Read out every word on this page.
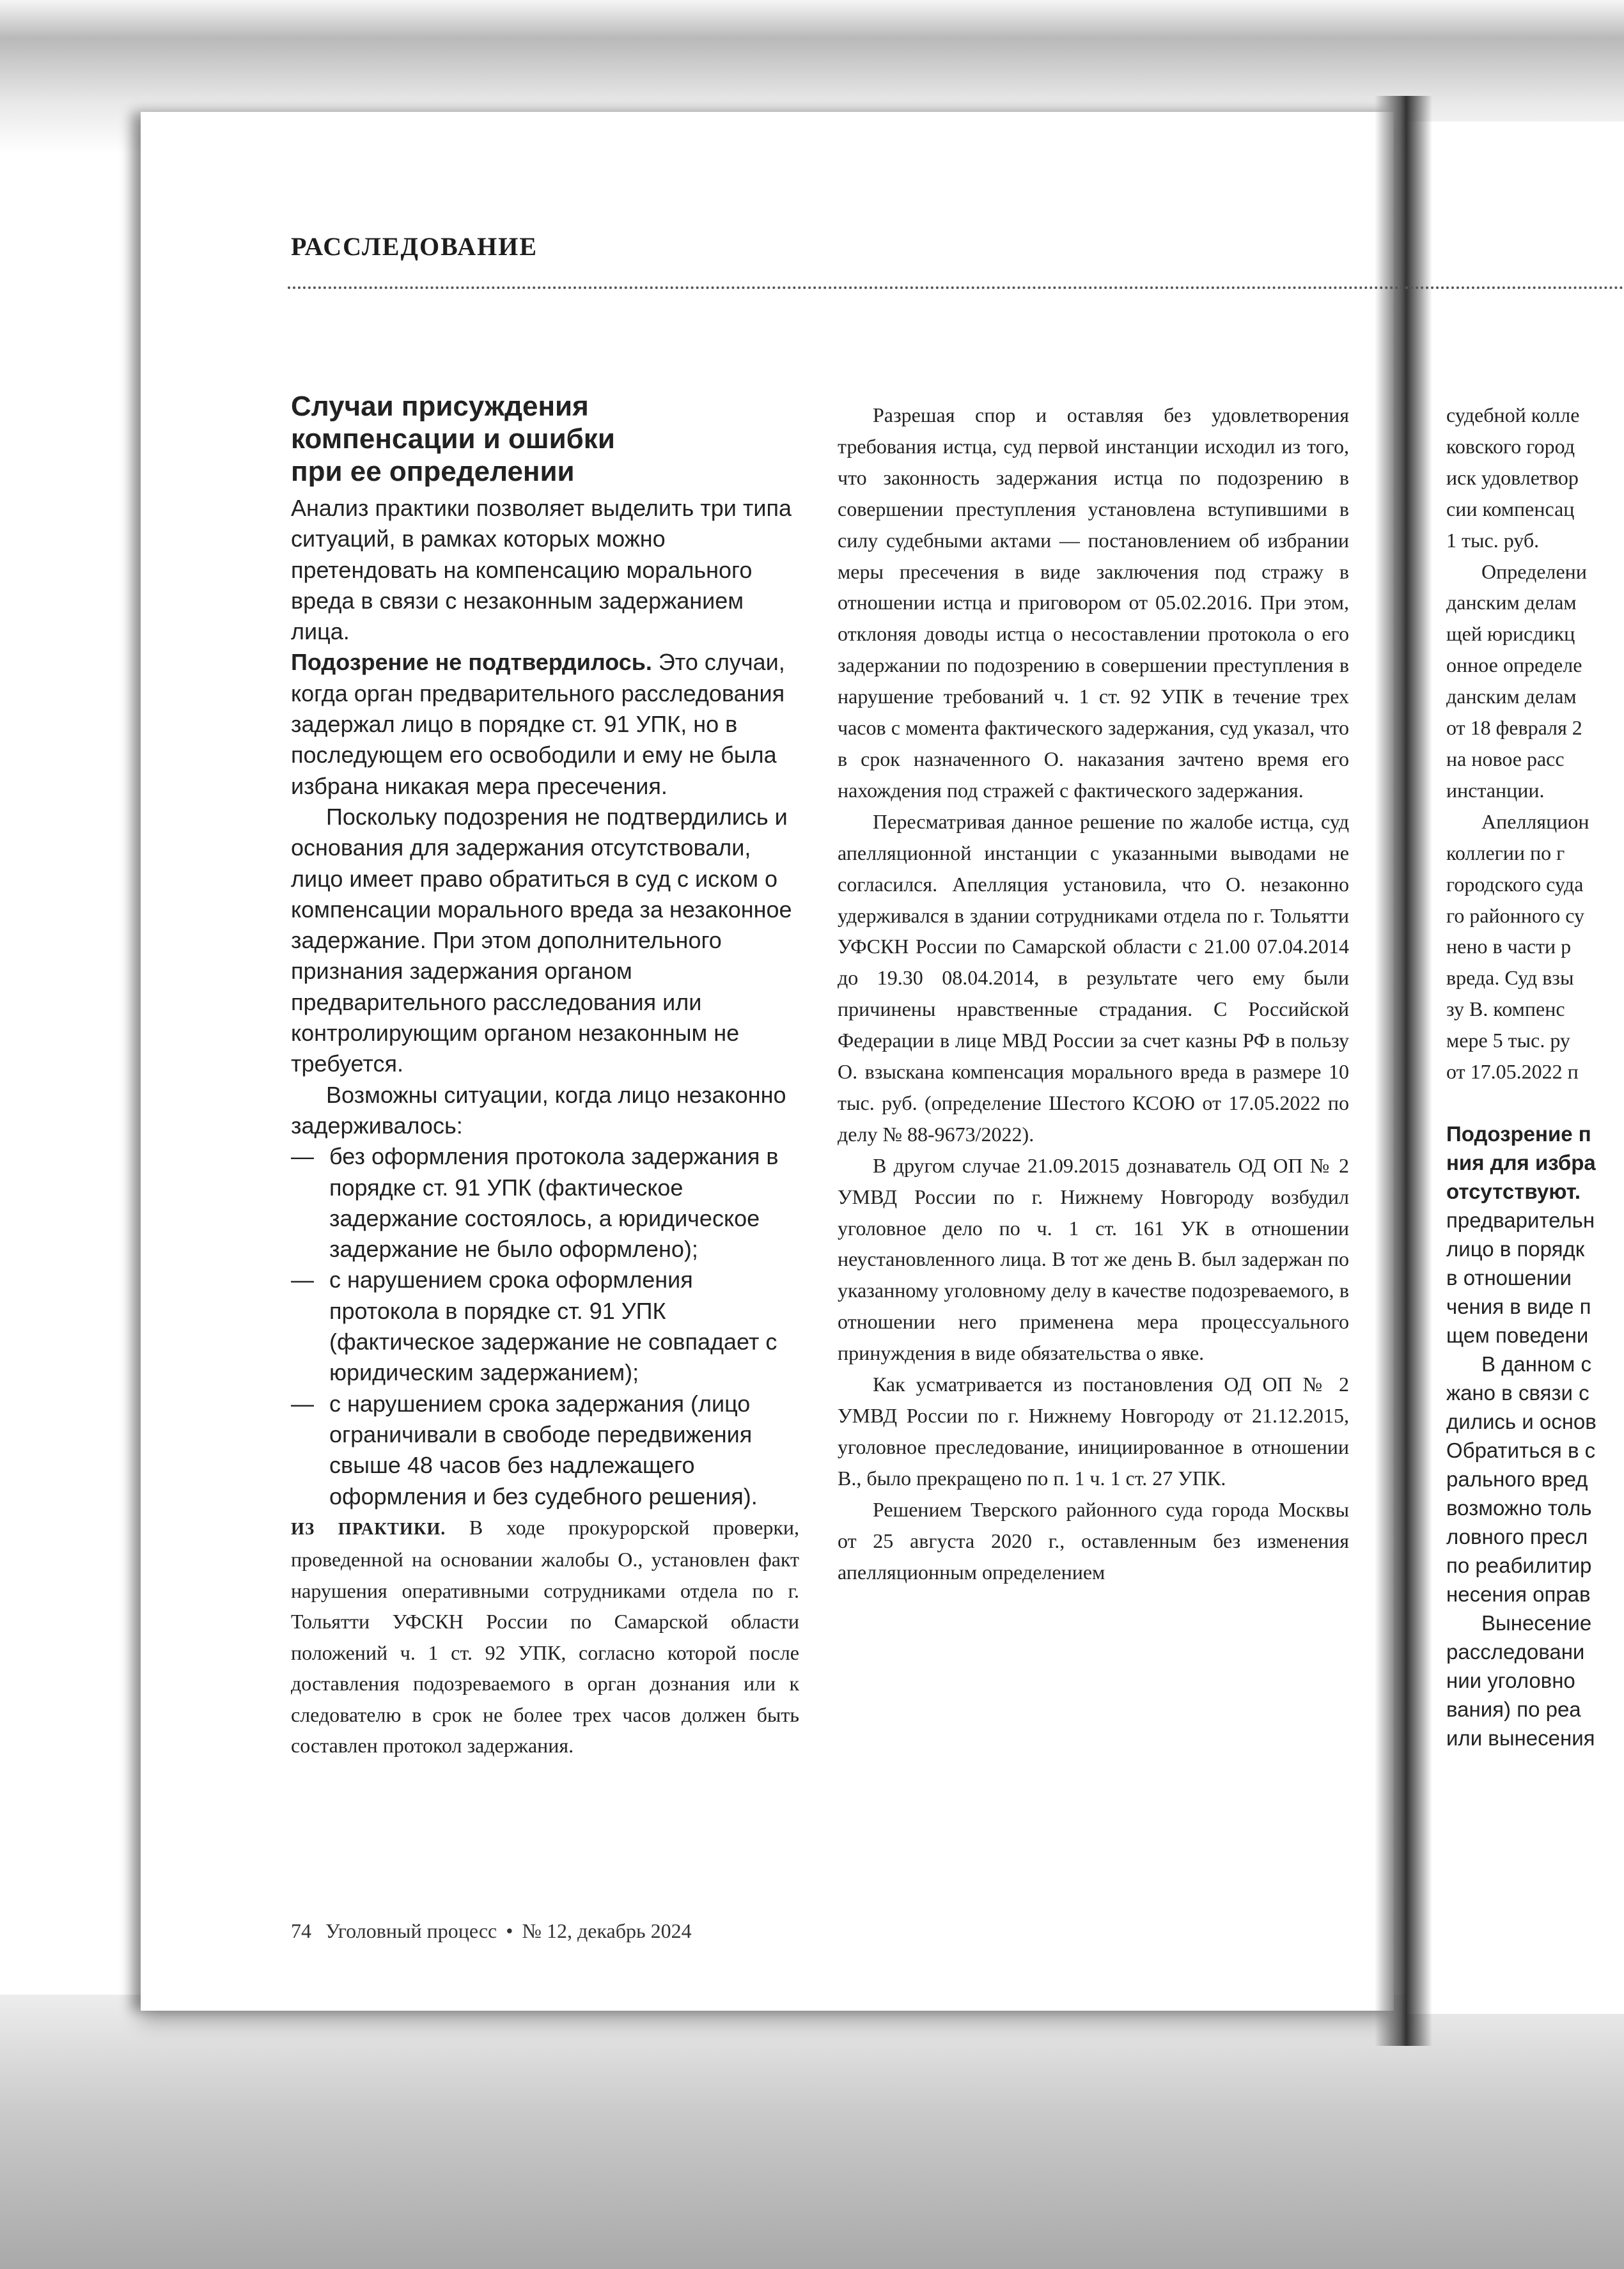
РАССЛЕДОВАНИЕ
Случаи присуждения
компенсации и ошибки
при ее определении

Анализ практики позволяет выделить три типа ситуаций, в рамках которых можно претендовать на компенсацию морального вреда в связи с незаконным задержанием лица.

Подозрение не подтвердилось. Это случаи, когда орган предварительного расследования задержал лицо в порядке ст. 91 УПК, но в последующем его освободили и ему не была избрана никакая мера пресечения.

Поскольку подозрения не подтвердились и основания для задержания отсутствовали, лицо имеет право обратиться в суд с иском о компенсации морального вреда за незаконное задержание. При этом дополнительного признания задержания органом предварительного расследования или контролирующим органом незаконным не требуется.

Возможны ситуации, когда лицо незаконно задерживалось:

— без оформления протокола задержания в порядке ст. 91 УПК (фактическое задержание состоялось, а юридическое задержание не было оформлено);
— с нарушением срока оформления протокола в порядке ст. 91 УПК (фактическое задержание не совпадает с юридическим задержанием);
— с нарушением срока задержания (лицо ограничивали в свободе передвижения свыше 48 часов без надлежащего оформления и без судебного решения).

ИЗ ПРАКТИКИ. В ходе прокурорской проверки, проведенной на основании жалобы О., установлен факт нарушения оперативными сотрудниками отдела по г. Тольятти УФСКН России по Самарской области положений ч. 1 ст. 92 УПК, согласно которой после доставления подозреваемого в орган дознания или к следователю в срок не более трех часов должен быть составлен протокол задержания.

Разрешая спор и оставляя без удовлетворения требования истца, суд первой инстанции исходил из того, что законность задержания истца по подозрению в совершении преступления установлена вступившими в силу судебными актами — постановлением об избрании меры пресечения в виде заключения под стражу в отношении истца и приговором от 05.02.2016. При этом, отклоняя доводы истца о несоставлении протокола о его задержании по подозрению в совершении преступления в нарушение требований ч. 1 ст. 92 УПК в течение трех часов с момента фактического задержания, суд указал, что в срок назначенного О. наказания зачтено время его нахождения под стражей с фактического задержания.

Пересматривая данное решение по жалобе истца, суд апелляционной инстанции с указанными выводами не согласился. Апелляция установила, что О. незаконно удерживался в здании сотрудниками отдела по г. Тольятти УФСКН России по Самарской области с 21.00 07.04.2014 до 19.30 08.04.2014, в результате чего ему были причинены нравственные страдания. С Российской Федерации в лице МВД России за счет казны РФ в пользу О. взыскана компенсация морального вреда в размере 10 тыс. руб. (определение Шестого КСОЮ от 17.05.2022 по делу № 88-9673/2022).

В другом случае 21.09.2015 дознаватель ОД ОП № 2 УМВД России по г. Нижнему Новгороду возбудил уголовное дело по ч. 1 ст. 161 УК в отношении неустановленного лица. В тот же день В. был задержан по указанному уголовному делу в качестве подозреваемого, в отношении него применена мера процессуального принуждения в виде обязательства о явке.

Как усматривается из постановления ОД ОП № 2 УМВД России по г. Нижнему Новгороду от 21.12.2015, уголовное преследование, инициированное в отношении В., было прекращено по п. 1 ч. 1 ст. 27 УПК.

Решением Тверского районного суда города Москвы от 25 августа 2020 г., оставленным без изменения апелляционным определением

судебной колле
ковского город
иск удовлетвор
сии компенсац
1 тыс. руб.
Определени
данским делам
щей юрисдикц
онное определе
данским делам
от 18 февраля 2
на новое расс
инстанции.
Апелляцион
коллегии по г
городского суда
го районного су
нено в части р
вреда. Суд взы
зу В. компенс
мере 5 тыс. ру
от 17.05.2022 п
Подозрение п
ния для избра
отсутствуют.
предварительн
лицо в порядк
в отношении
чения в виде п
щем поведени
В данном с
жано в связи с
дились и основ
Обратиться в с
рального вред
возможно толь
ловного пресл
по реабилитир
несения оправ
Вынесение
расследовани
нии уголовно
вания) по реа
или вынесения
74 Уголовный процесс • № 12, декабрь 2024
